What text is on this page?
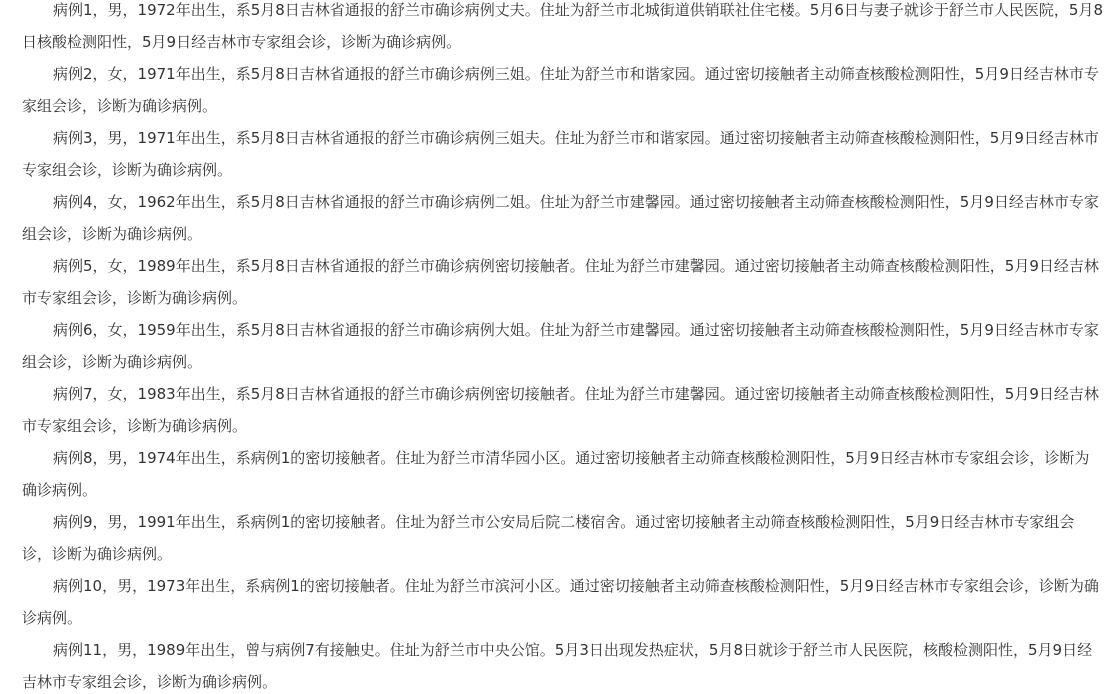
病例1，男，1972年出生，系5月8日吉林省通报的舒兰市确诊病例丈夫。住址为舒兰市北城街道供销联社住宅楼。5月6日与妻子就诊于舒兰市人民医院，5月8日核酸检测阳性，5月9日经吉林市专家组会诊，诊断为确诊病例。

病例2，女，1971年出生，系5月8日吉林省通报的舒兰市确诊病例三姐。住址为舒兰市和谐家园。通过密切接触者主动筛查核酸检测阳性，5月9日经吉林市专家组会诊，诊断为确诊病例。

病例3，男，1971年出生，系5月8日吉林省通报的舒兰市确诊病例三姐夫。住址为舒兰市和谐家园。通过密切接触者主动筛查核酸检测阳性，5月9日经吉林市专家组会诊，诊断为确诊病例。

病例4，女，1962年出生，系5月8日吉林省通报的舒兰市确诊病例二姐。住址为舒兰市建馨园。通过密切接触者主动筛查核酸检测阳性，5月9日经吉林市专家组会诊，诊断为确诊病例。

病例5，女，1989年出生，系5月8日吉林省通报的舒兰市确诊病例密切接触者。住址为舒兰市建馨园。通过密切接触者主动筛查核酸检测阳性，5月9日经吉林市专家组会诊，诊断为确诊病例。

病例6，女，1959年出生，系5月8日吉林省通报的舒兰市确诊病例大姐。住址为舒兰市建馨园。通过密切接触者主动筛查核酸检测阳性，5月9日经吉林市专家组会诊，诊断为确诊病例。

病例7，女，1983年出生，系5月8日吉林省通报的舒兰市确诊病例密切接触者。住址为舒兰市建馨园。通过密切接触者主动筛查核酸检测阳性，5月9日经吉林市专家组会诊，诊断为确诊病例。

病例8，男，1974年出生，系病例1的密切接触者。住址为舒兰市清华园小区。通过密切接触者主动筛查核酸检测阳性，5月9日经吉林市专家组会诊，诊断为确诊病例。

病例9，男，1991年出生，系病例1的密切接触者。住址为舒兰市公安局后院二楼宿舍。通过密切接触者主动筛查核酸检测阳性，5月9日经吉林市专家组会诊，诊断为确诊病例。

病例10，男，1973年出生，系病例1的密切接触者。住址为舒兰市滨河小区。通过密切接触者主动筛查核酸检测阳性，5月9日经吉林市专家组会诊，诊断为确诊病例。

病例11，男，1989年出生，曾与病例7有接触史。住址为舒兰市中央公馆。5月3日出现发热症状，5月8日就诊于舒兰市人民医院，核酸检测阳性，5月9日经吉林市专家组会诊，诊断为确诊病例。
